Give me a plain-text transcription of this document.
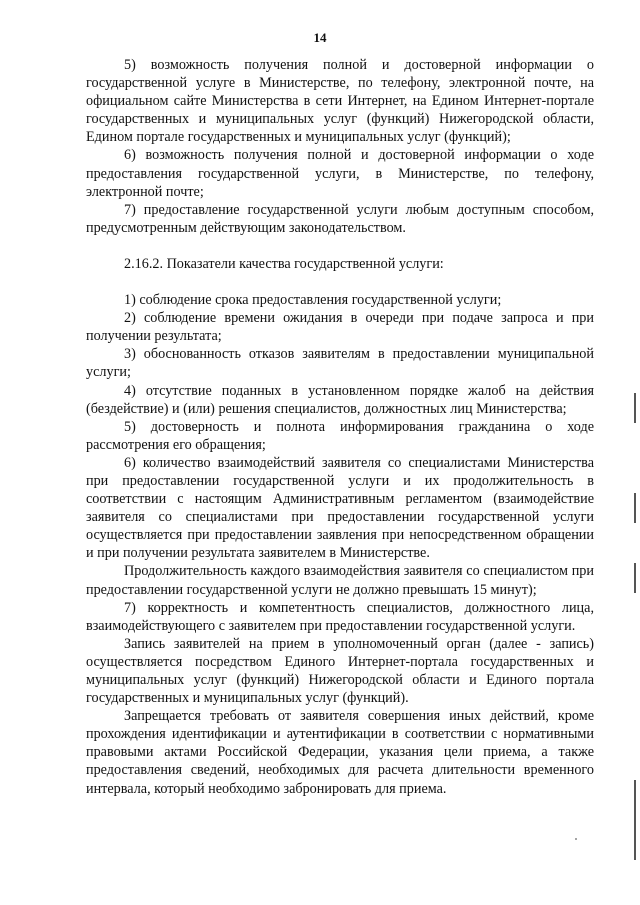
14

5) возможность получения полной и достоверной информации о государственной услуге в Министерстве, по телефону, электронной почте, на официальном сайте Министерства в сети Интернет, на Едином Интернет-портале государственных и муниципальных услуг (функций) Нижегородской области, Едином портале государственных и муниципальных услуг (функций);

6) возможность получения полной и достоверной информации о ходе предоставления государственной услуги, в Министерстве, по телефону, электронной почте;

7) предоставление государственной услуги любым доступным способом, предусмотренным действующим законодательством.

2.16.2. Показатели качества государственной услуги:

1) соблюдение срока предоставления государственной услуги;

2) соблюдение времени ожидания в очереди при подаче запроса и при получении результата;

3) обоснованность отказов заявителям в предоставлении муниципальной услуги;

4) отсутствие поданных в установленном порядке жалоб на действия (бездействие) и (или) решения специалистов, должностных лиц Министерства;

5) достоверность и полнота информирования гражданина о ходе рассмотрения его обращения;

6) количество взаимодействий заявителя со специалистами Министерства при предоставлении государственной услуги и их продолжительность в соответствии с настоящим Административным регламентом (взаимодействие заявителя со специалистами при предоставлении государственной услуги осуществляется при предоставлении заявления при непосредственном обращении и при получении результата заявителем в Министерстве.

Продолжительность каждого взаимодействия заявителя со специалистом при предоставлении государственной услуги не должно превышать 15 минут);

7) корректность и компетентность специалистов, должностного лица, взаимодействующего с заявителем при предоставлении государственной услуги.

Запись заявителей на прием в уполномоченный орган (далее - запись) осуществляется посредством Единого Интернет-портала государственных и муниципальных услуг (функций) Нижегородской области и Единого портала государственных и муниципальных услуг (функций).

Запрещается требовать от заявителя совершения иных действий, кроме прохождения идентификации и аутентификации в соответствии с нормативными правовыми актами Российской Федерации, указания цели приема, а также предоставления сведений, необходимых для расчета длительности временного интервала, который необходимо забронировать для приема.
